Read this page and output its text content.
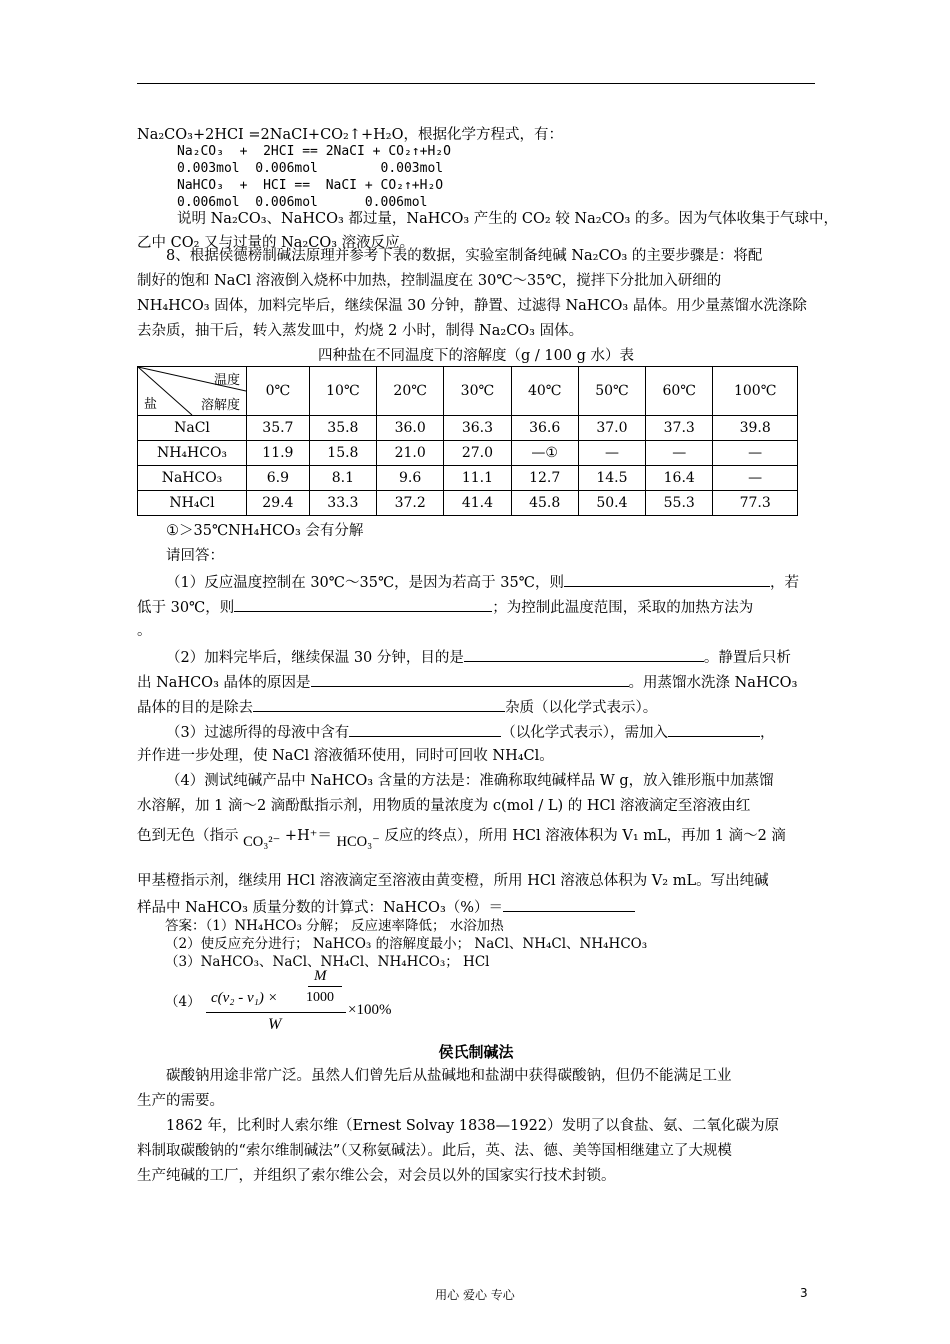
Na₂CO₃+2HCI =2NaCI+CO₂↑+H₂O，根据化学方程式，有：
Na₂CO₃  +  2HCI == 2NaCI + CO₂↑+H₂O
0.003mol  0.006mol        0.003mol
NaHCO₃  +  HCI ==  NaCI + CO₂↑+H₂O
0.006mol  0.006mol      0.006mol
说明 Na₂CO₃、NaHCO₃ 都过量，NaHCO₃ 产生的 CO₂ 较 Na₂CO₃ 的多。因为气体收集于气球中，
乙中 CO₂ 又与过量的 Na₂CO₃ 溶液反应。
8、根据侯德榜制碱法原理并参考下表的数据，实验室制备纯碱 Na₂CO₃ 的主要步骤是：将配
制好的饱和 NaCl 溶液倒入烧杯中加热，控制温度在 30℃～35℃，搅拌下分批加入研细的
NH₄HCO₃ 固体，加料完毕后，继续保温 30 分钟，静置、过滤得 NaHCO₃ 晶体。用少量蒸馏水洗涤除
去杂质，抽干后，转入蒸发皿中，灼烧 2 小时，制得 Na₂CO₃ 固体。
四种盐在不同温度下的溶解度（g / 100 g 水）表
温度
盐 溶解度	0℃	10℃	20℃	30℃	40℃	50℃	60℃	100℃
NaCl	35.7	35.8	36.0	36.3	36.6	37.0	37.3	39.8
NH₄HCO₃	11.9	15.8	21.0	27.0	—①	—	—	—
NaHCO₃	6.9	8.1	9.6	11.1	12.7	14.5	16.4	—
NH₄Cl	29.4	33.3	37.2	41.4	45.8	50.4	55.3	77.3
①＞35℃NH₄HCO₃ 会有分解
请回答：
（1）反应温度控制在 30℃～35℃，是因为若高于 35℃，则	，若
低于 30℃，则	；为控制此温度范围，采取的加热方法为
。
（2）加料完毕后，继续保温 30 分钟，目的是	。静置后只析
出 NaHCO₃ 晶体的原因是	。用蒸馏水洗涤 NaHCO₃
晶体的目的是除去	杂质（以化学式表示）。
（3）过滤所得的母液中含有	（以化学式表示），需加入	，
并作进一步处理，使 NaCl 溶液循环使用，同时可回收 NH₄Cl。
（4）测试纯碱产品中 NaHCO₃ 含量的方法是：准确称取纯碱样品 W g，放入锥形瓶中加蒸馏
水溶解，加 1 滴～2 滴酚酞指示剂，用物质的量浓度为 c(mol / L) 的 HCl 溶液滴定至溶液由红
色到无色（指示 CO₃²⁻ +H⁺＝ HCO₃⁻ 反应的终点），所用 HCl 溶液体积为 V₁ mL，再加 1 滴～2 滴
甲基橙指示剂，继续用 HCl 溶液滴定至溶液由黄变橙，所用 HCl 溶液总体积为 V₂ mL。写出纯碱
样品中 NaHCO₃ 质量分数的计算式：NaHCO₃（%）＝
答案：（1）NH₄HCO₃ 分解； 反应速率降低； 水浴加热
（2）使反应充分进行； NaHCO₃ 的溶解度最小； NaCl、NH₄Cl、NH₄HCO₃
（3）NaHCO₃、NaCl、NH₄Cl、NH₄HCO₃； HCl
（4）
M
c(v₂ - v₁) × 1000
W
×100%
侯氏制碱法
碳酸钠用途非常广泛。虽然人们曾先后从盐碱地和盐湖中获得碳酸钠，但仍不能满足工业
生产的需要。
1862 年，比利时人索尔维（Ernest Solvay 1838—1922）发明了以食盐、氨、二氧化碳为原
料制取碳酸钠的“索尔维制碱法”（又称氨碱法）。此后，英、法、德、美等国相继建立了大规模
生产纯碱的工厂，并组织了索尔维公会，对会员以外的国家实行技术封锁。
用心 爱心 专心	3
